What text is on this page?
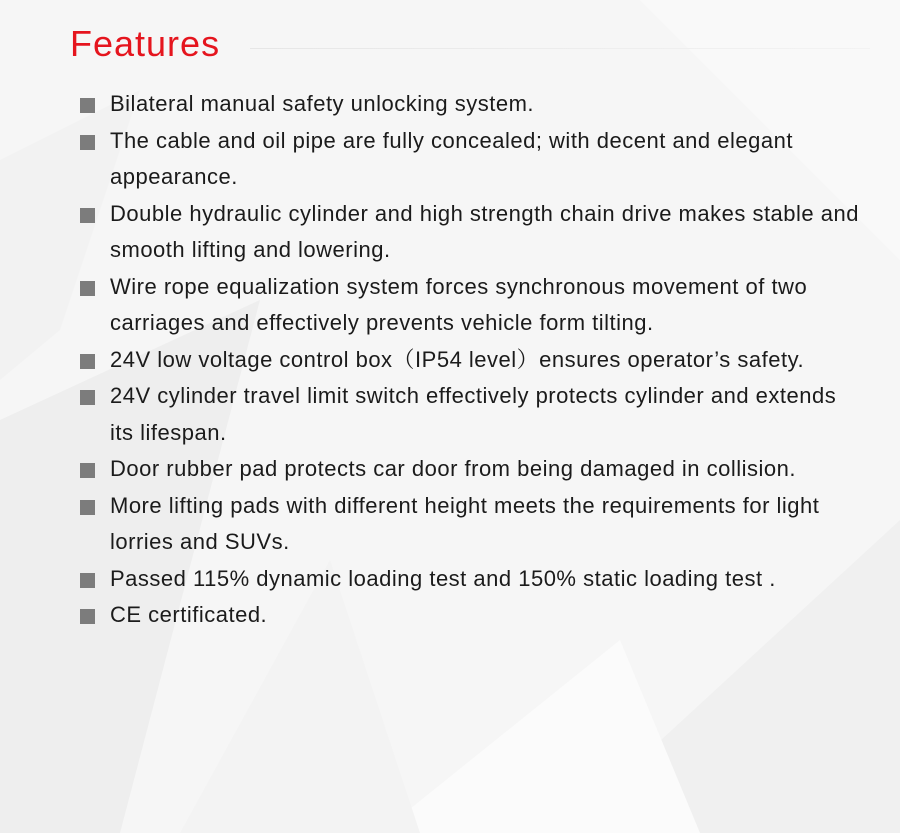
Features
Bilateral manual safety unlocking system.
The cable and oil pipe are fully concealed; with decent and elegant appearance.
Double hydraulic cylinder and high strength chain drive makes stable and smooth lifting and lowering.
Wire rope equalization system forces synchronous movement of two carriages and effectively prevents vehicle form tilting.
24V low voltage control box（IP54 level）ensures operator’s safety.
24V cylinder travel limit switch effectively protects cylinder and extends its lifespan.
Door rubber pad protects car door from being damaged in collision.
More lifting pads with different height meets the requirements for light lorries and SUVs.
Passed 115% dynamic loading test and 150% static loading test .
CE certificated.
